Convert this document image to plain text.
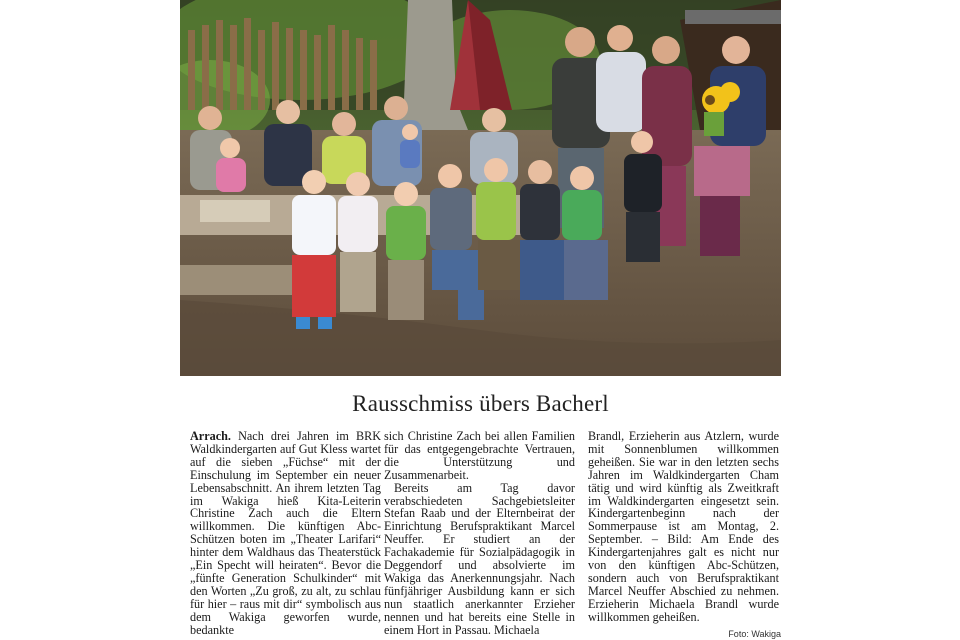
Rausschmiss übers Bacherl

Arrach. Nach drei Jahren im BRK Waldkindergarten auf Gut Kless wartet auf die sieben „Füchse“ mit der Einschulung im September ein neuer Lebensabschnitt. An ihrem letzten Tag im Wakiga hieß Kita-Leiterin Christine Zach auch die Eltern willkommen. Die künftigen Abc-Schützen boten im „Theater Larifari“ hinter dem Waldhaus das Theaterstück „Ein Specht will heiraten“. Bevor die „fünfte Generation Schulkinder“ mit den Worten „Zu groß, zu alt, zu schlau für hier – raus mit dir“ symbolisch aus dem Wakiga geworfen wurde, bedankte

sich Christine Zach bei allen Familien für das entgegengebrachte Vertrauen, die Unterstützung und Zusammenarbeit.

Bereits am Tag davor verabschiedeten Sachgebietsleiter Stefan Raab und der Elternbeirat der Einrichtung Berufspraktikant Marcel Neuffer. Er studiert an der Fachakademie für Sozialpädagogik in Deggendorf und absolvierte im Wakiga das Anerkennungsjahr. Nach fünfjähriger Ausbildung kann er sich nun staatlich anerkannter Erzieher nennen und hat bereits eine Stelle in einem Hort in Passau. Michaela

Brandl, Erzieherin aus Atzlern, wurde mit Sonnenblumen willkommen geheißen. Sie war in den letzten sechs Jahren im Waldkindergarten Cham tätig und wird künftig als Zweitkraft im Waldkindergarten eingesetzt sein. Kindergartenbeginn nach der Sommerpause ist am Montag, 2. September. – Bild: Am Ende des Kindergartenjahres galt es nicht nur von den künftigen Abc-Schützen, sondern auch von Berufspraktikant Marcel Neuffer Abschied zu nehmen. Erzieherin Michaela Brandl wurde willkommen geheißen.

Foto: Wakiga
